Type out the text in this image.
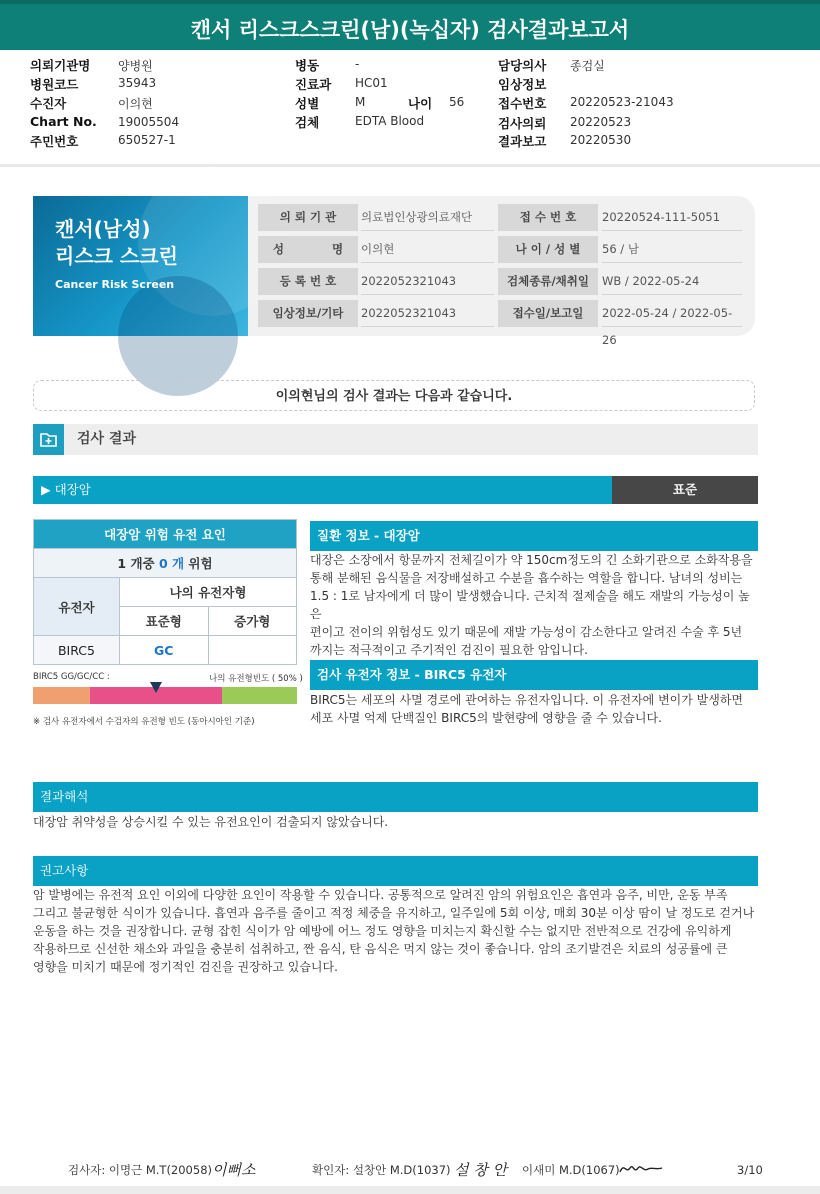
캔서 리스크스크린(남)(녹십자) 검사결과보고서
의뢰기관명 양병원
병원코드	35943
수진자	이의현
Chart No. 19005504
주민번호	650527-1
병동	-
진료과 HC01
성별	M	나이 56
검체	EDTA Blood
담당의사 종검실
임상정보
접수번호 20220523-21043
검사의뢰 20220523
결과보고 20220530
캔서(남성)
리스크 스크린
Cancer Risk Screen
의 뢰 기 관	의료법인상광의료재단	접 수 번 호	20220524-111-5051
성	명	이의현	나 이 / 성 별	56 / 남
등 록 번 호	2022052321043	검체종류/채취일	WB / 2022-05-24
임상정보/기타	2022052321043	접수일/보고일	2022-05-24 / 2022-05-26
이의현님의 검사 결과는 다음과 같습니다.
검사 결과
▶ 대장암	표준
대장암 위험 유전 요인		
1 개중 0 개 위험		
유전자	나의 유전자형	
	표준형	증가형
BIRC5	GC	
BIRC5 GG/GC/CC :	나의 유전형빈도 ( 50% )
※ 검사 유전자에서 수검자의 유전형 빈도 (동아시아인 기준)
질환 정보 - 대장암
대장은 소장에서 항문까지 전체길이가 약 150cm정도의 긴 소화기관으로 소화작용을
통해 분해된 음식물을 저장배설하고 수분을 흡수하는 역할을 합니다. 남녀의 성비는
1.5 : 1로 남자에게 더 많이 발생했습니다. 근치적 절제술을 해도 재발의 가능성이 높은
편이고 전이의 위험성도 있기 때문에 재발 가능성이 감소한다고 알려진 수술 후 5년
까지는 적극적이고 주기적인 검진이 필요한 암입니다.
검사 유전자 정보 - BIRC5 유전자
BIRC5는 세포의 사멸 경로에 관여하는 유전자입니다. 이 유전자에 변이가 발생하면
세포 사멸 억제 단백질인 BIRC5의 발현량에 영향을 줄 수 있습니다.
결과해석
대장암 취약성을 상승시킬 수 있는 유전요인이 검출되지 않았습니다.
권고사항
암 발병에는 유전적 요인 이외에 다양한 요인이 작용할 수 있습니다. 공통적으로 알려진 암의 위험요인은 흡연과 음주, 비만, 운동 부족
그리고 불균형한 식이가 있습니다. 흡연과 음주를 줄이고 적정 체중을 유지하고, 일주일에 5회 이상, 매회 30분 이상 땀이 날 정도로 걷거나
운동을 하는 것을 권장합니다. 균형 잡힌 식이가 암 예방에 어느 정도 영향을 미치는지 확신할 수는 없지만 전반적으로 건강에 유익하게
작용하므로 신선한 채소와 과일을 충분히 섭취하고, 짠 음식, 탄 음식은 먹지 않는 것이 좋습니다. 암의 조기발견은 치료의 성공률에 큰
영향을 미치기 때문에 정기적인 검진을 권장하고 있습니다.
검사자: 이명근 M.T(20058) 이뻐소	확인자: 설창안 M.D(1037) 설 창 안 이새미 M.D(1067)	3/10
